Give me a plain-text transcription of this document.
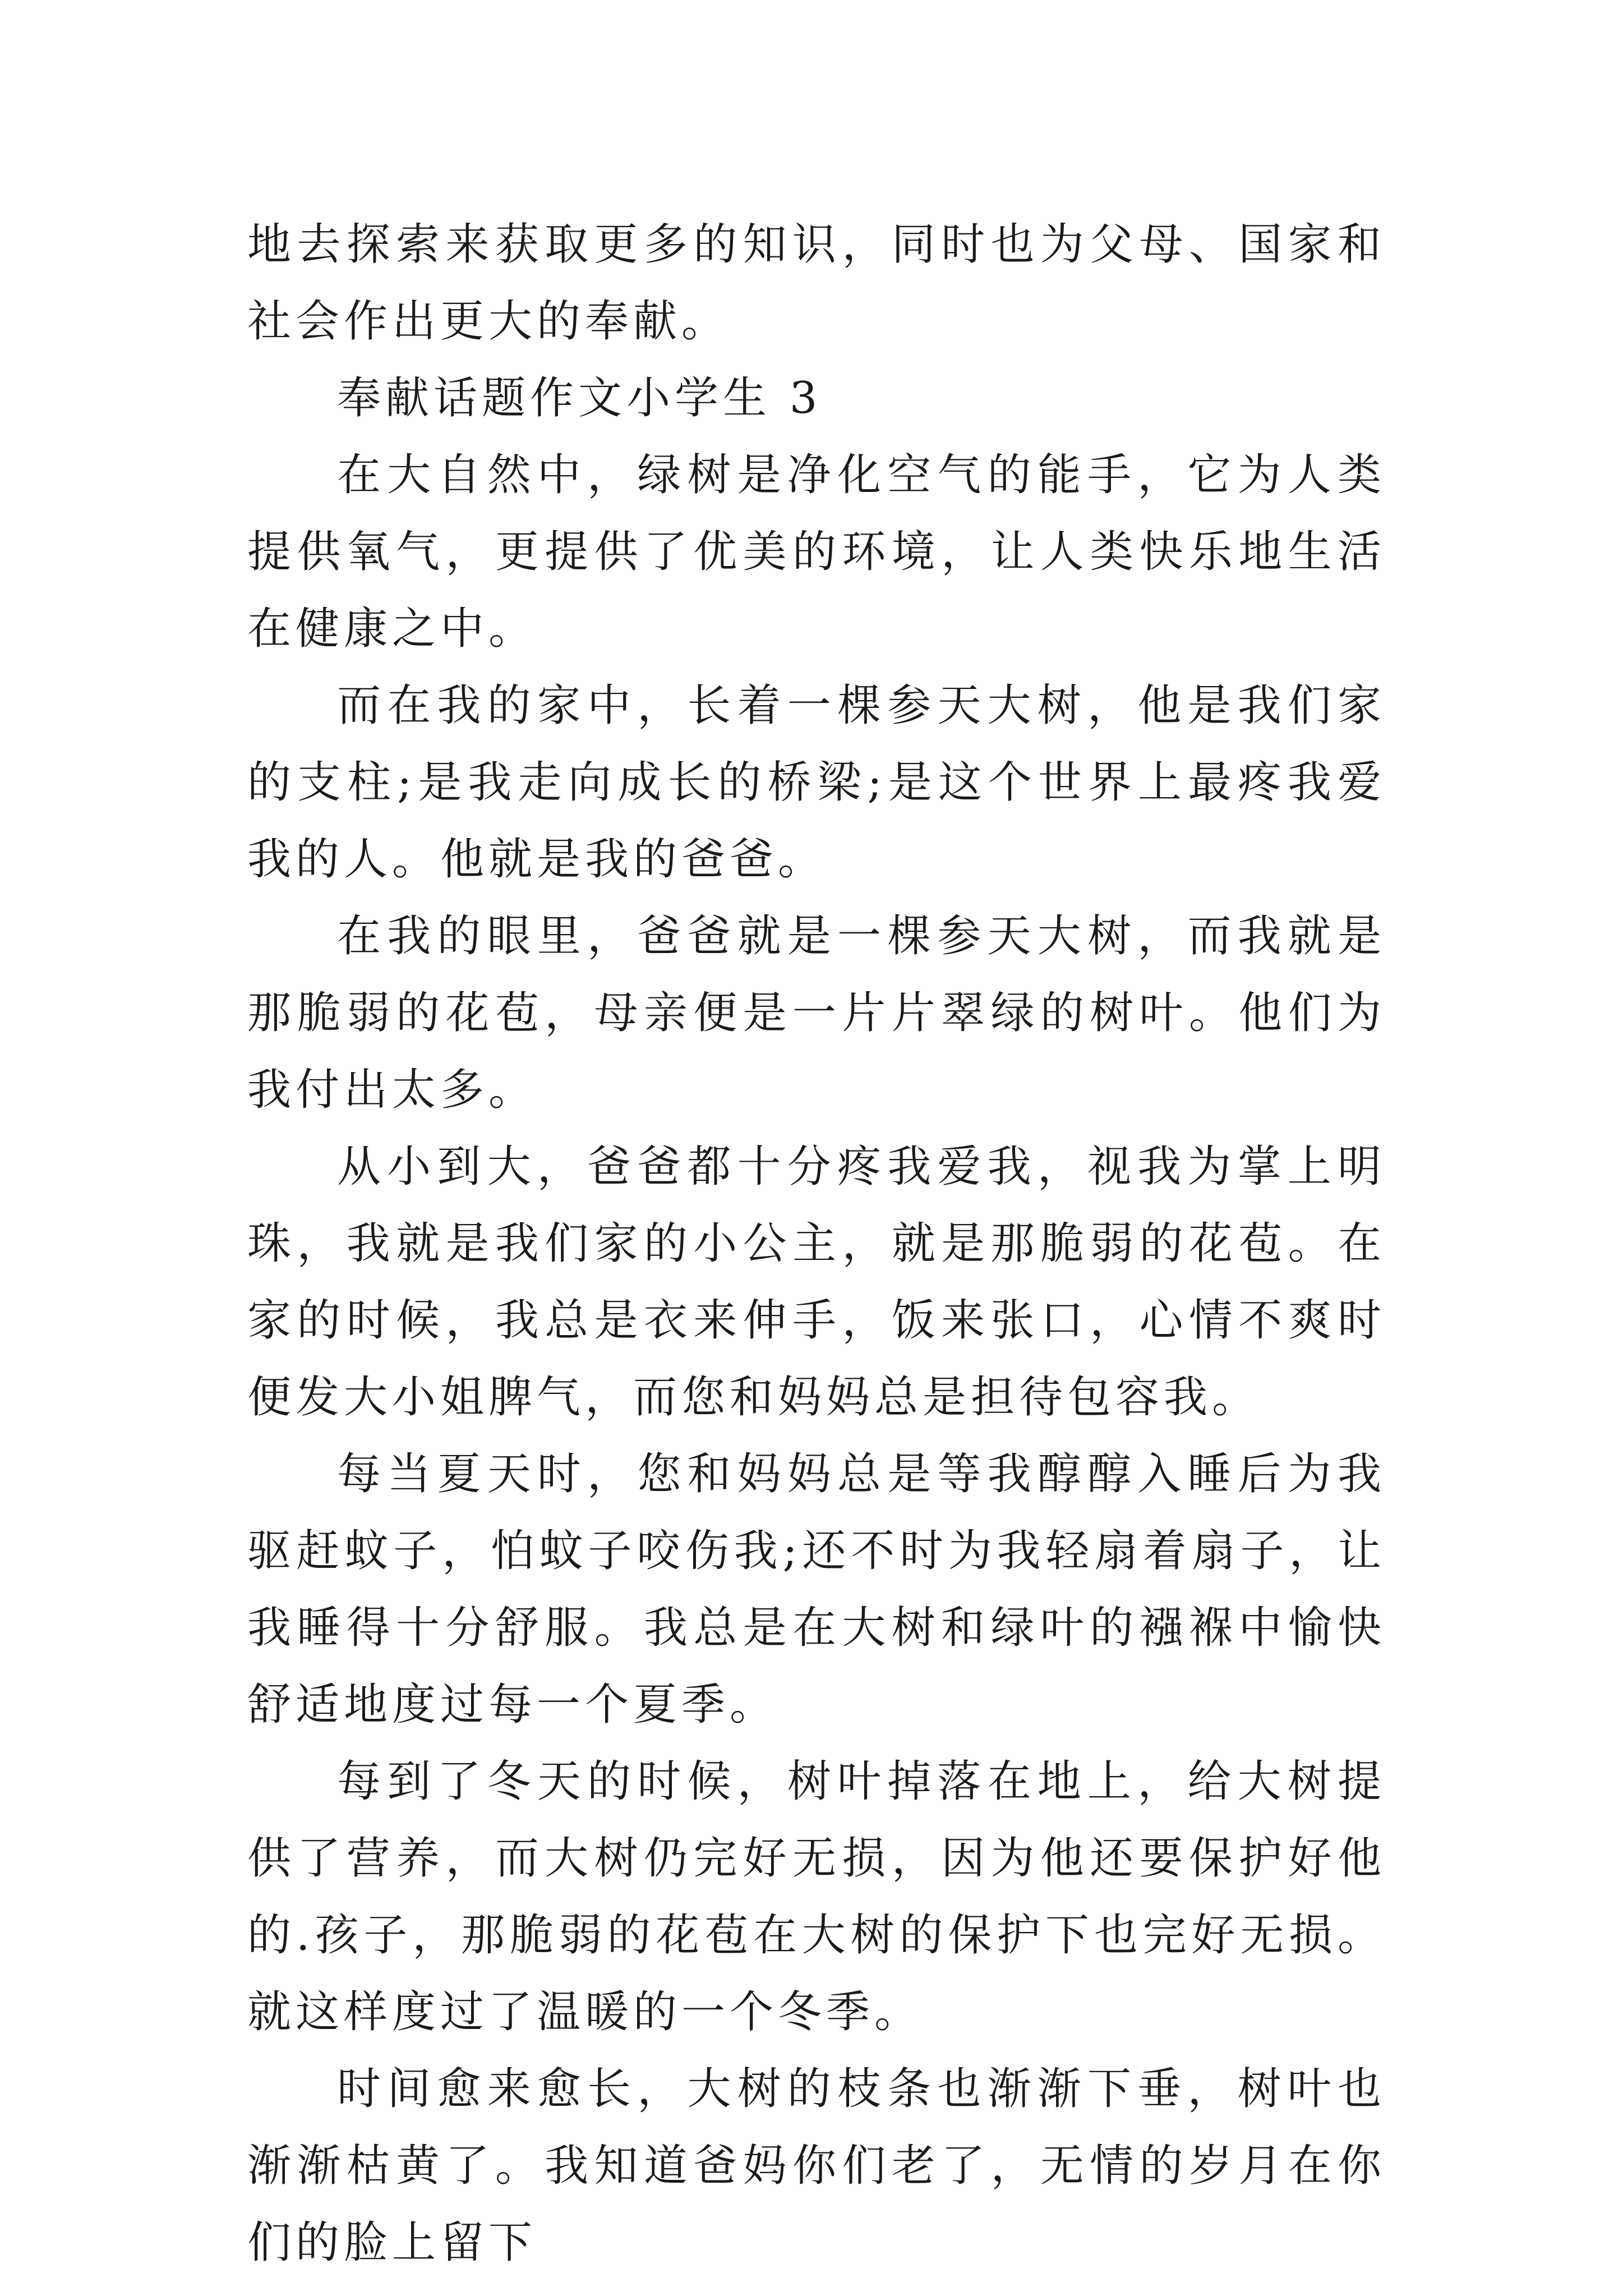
地去探索来获取更多的知识，同时也为父母、国家和社会作出更大的奉献。

奉献话题作文小学生 3

在大自然中，绿树是净化空气的能手，它为人类提供氧气，更提供了优美的环境，让人类快乐地生活在健康之中。

而在我的家中，长着一棵参天大树，他是我们家的支柱;是我走向成长的桥梁;是这个世界上最疼我爱我的人。他就是我的爸爸。

在我的眼里，爸爸就是一棵参天大树，而我就是那脆弱的花苞，母亲便是一片片翠绿的树叶。他们为我付出太多。

从小到大，爸爸都十分疼我爱我，视我为掌上明珠，我就是我们家的小公主，就是那脆弱的花苞。在家的时候，我总是衣来伸手，饭来张口，心情不爽时便发大小姐脾气，而您和妈妈总是担待包容我。

每当夏天时，您和妈妈总是等我醇醇入睡后为我驱赶蚊子，怕蚊子咬伤我;还不时为我轻扇着扇子，让我睡得十分舒服。我总是在大树和绿叶的襁褓中愉快舒适地度过每一个夏季。

每到了冬天的时候，树叶掉落在地上，给大树提供了营养，而大树仍完好无损，因为他还要保护好他的.孩子，那脆弱的花苞在大树的保护下也完好无损。就这样度过了温暖的一个冬季。

时间愈来愈长，大树的枝条也渐渐下垂，树叶也渐渐枯黄了。我知道爸妈你们老了，无情的岁月在你们的脸上留下
